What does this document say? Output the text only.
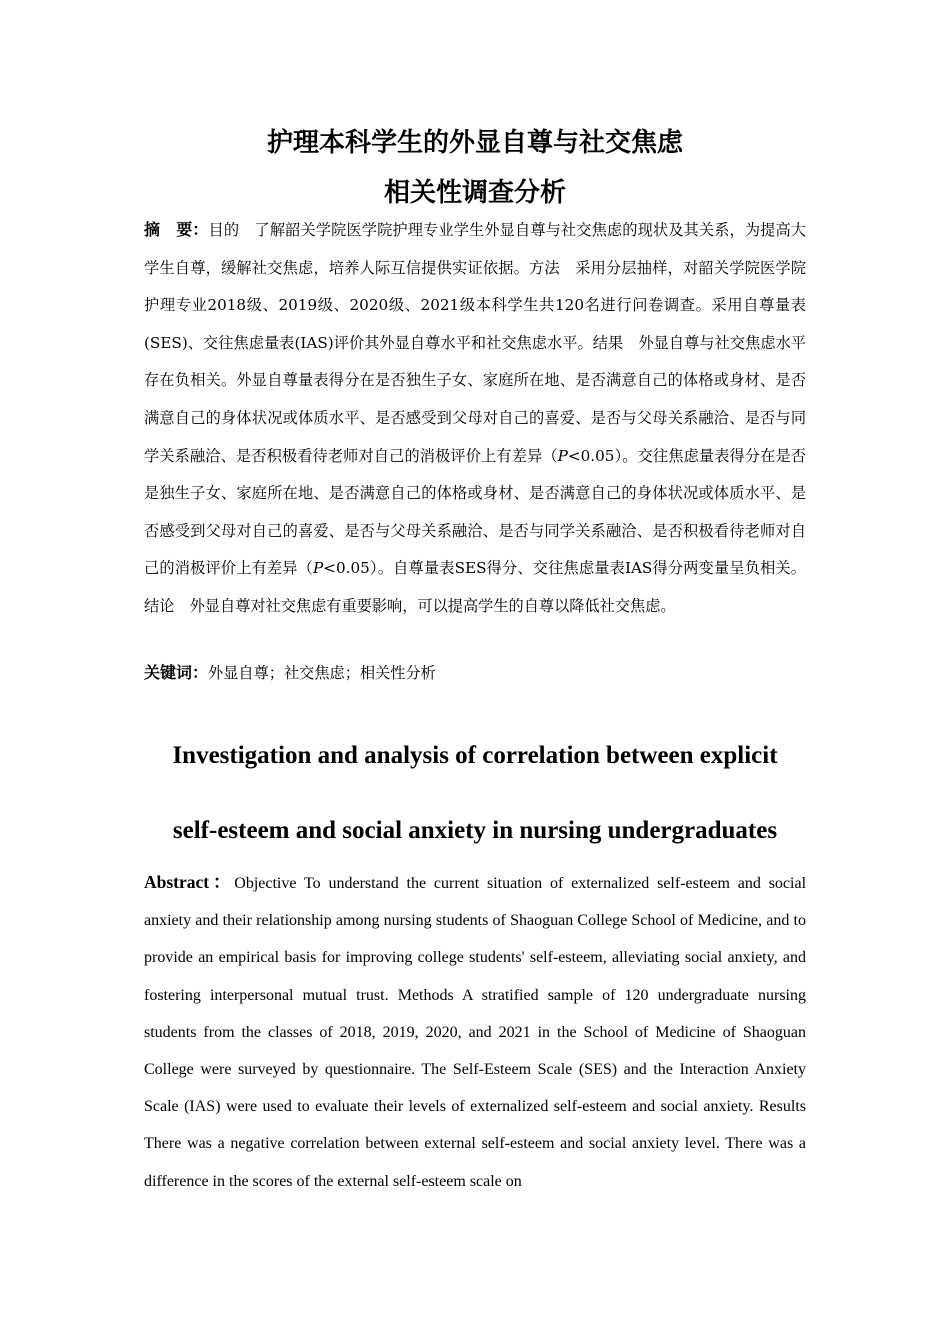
护理本科学生的外显自尊与社交焦虑
相关性调查分析

摘　要：目的　了解韶关学院医学院护理专业学生外显自尊与社交焦虑的现状及其关系，为提高大学生自尊，缓解社交焦虑，培养人际互信提供实证依据。方法　采用分层抽样，对韶关学院医学院护理专业2018级、2019级、2020级、2021级本科学生共120名进行问卷调查。采用自尊量表(SES)、交往焦虑量表(IAS)评价其外显自尊水平和社交焦虑水平。结果　外显自尊与社交焦虑水平存在负相关。外显自尊量表得分在是否独生子女、家庭所在地、是否满意自己的体格或身材、是否满意自己的身体状况或体质水平、是否感受到父母对自己的喜爱、是否与父母关系融洽、是否与同学关系融洽、是否积极看待老师对自己的消极评价上有差异（P<0.05）。交往焦虑量表得分在是否是独生子女、家庭所在地、是否满意自己的体格或身材、是否满意自己的身体状况或体质水平、是否感受到父母对自己的喜爱、是否与父母关系融洽、是否与同学关系融洽、是否积极看待老师对自己的消极评价上有差异（P<0.05）。自尊量表SES得分、交往焦虑量表IAS得分两变量呈负相关。结论　外显自尊对社交焦虑有重要影响，可以提高学生的自尊以降低社交焦虑。

关键词：外显自尊；社交焦虑；相关性分析

Investigation and analysis of correlation between explicit
self-esteem and social anxiety in nursing undergraduates

Abstract：Objective To understand the current situation of externalized self-esteem and social anxiety and their relationship among nursing students of Shaoguan College School of Medicine, and to provide an empirical basis for improving college students' self-esteem, alleviating social anxiety, and fostering interpersonal mutual trust. Methods A stratified sample of 120 undergraduate nursing students from the classes of 2018, 2019, 2020, and 2021 in the School of Medicine of Shaoguan College were surveyed by questionnaire. The Self-Esteem Scale (SES) and the Interaction Anxiety Scale (IAS) were used to evaluate their levels of externalized self-esteem and social anxiety. Results There was a negative correlation between external self-esteem and social anxiety level. There was a difference in the scores of the external self-esteem scale on
